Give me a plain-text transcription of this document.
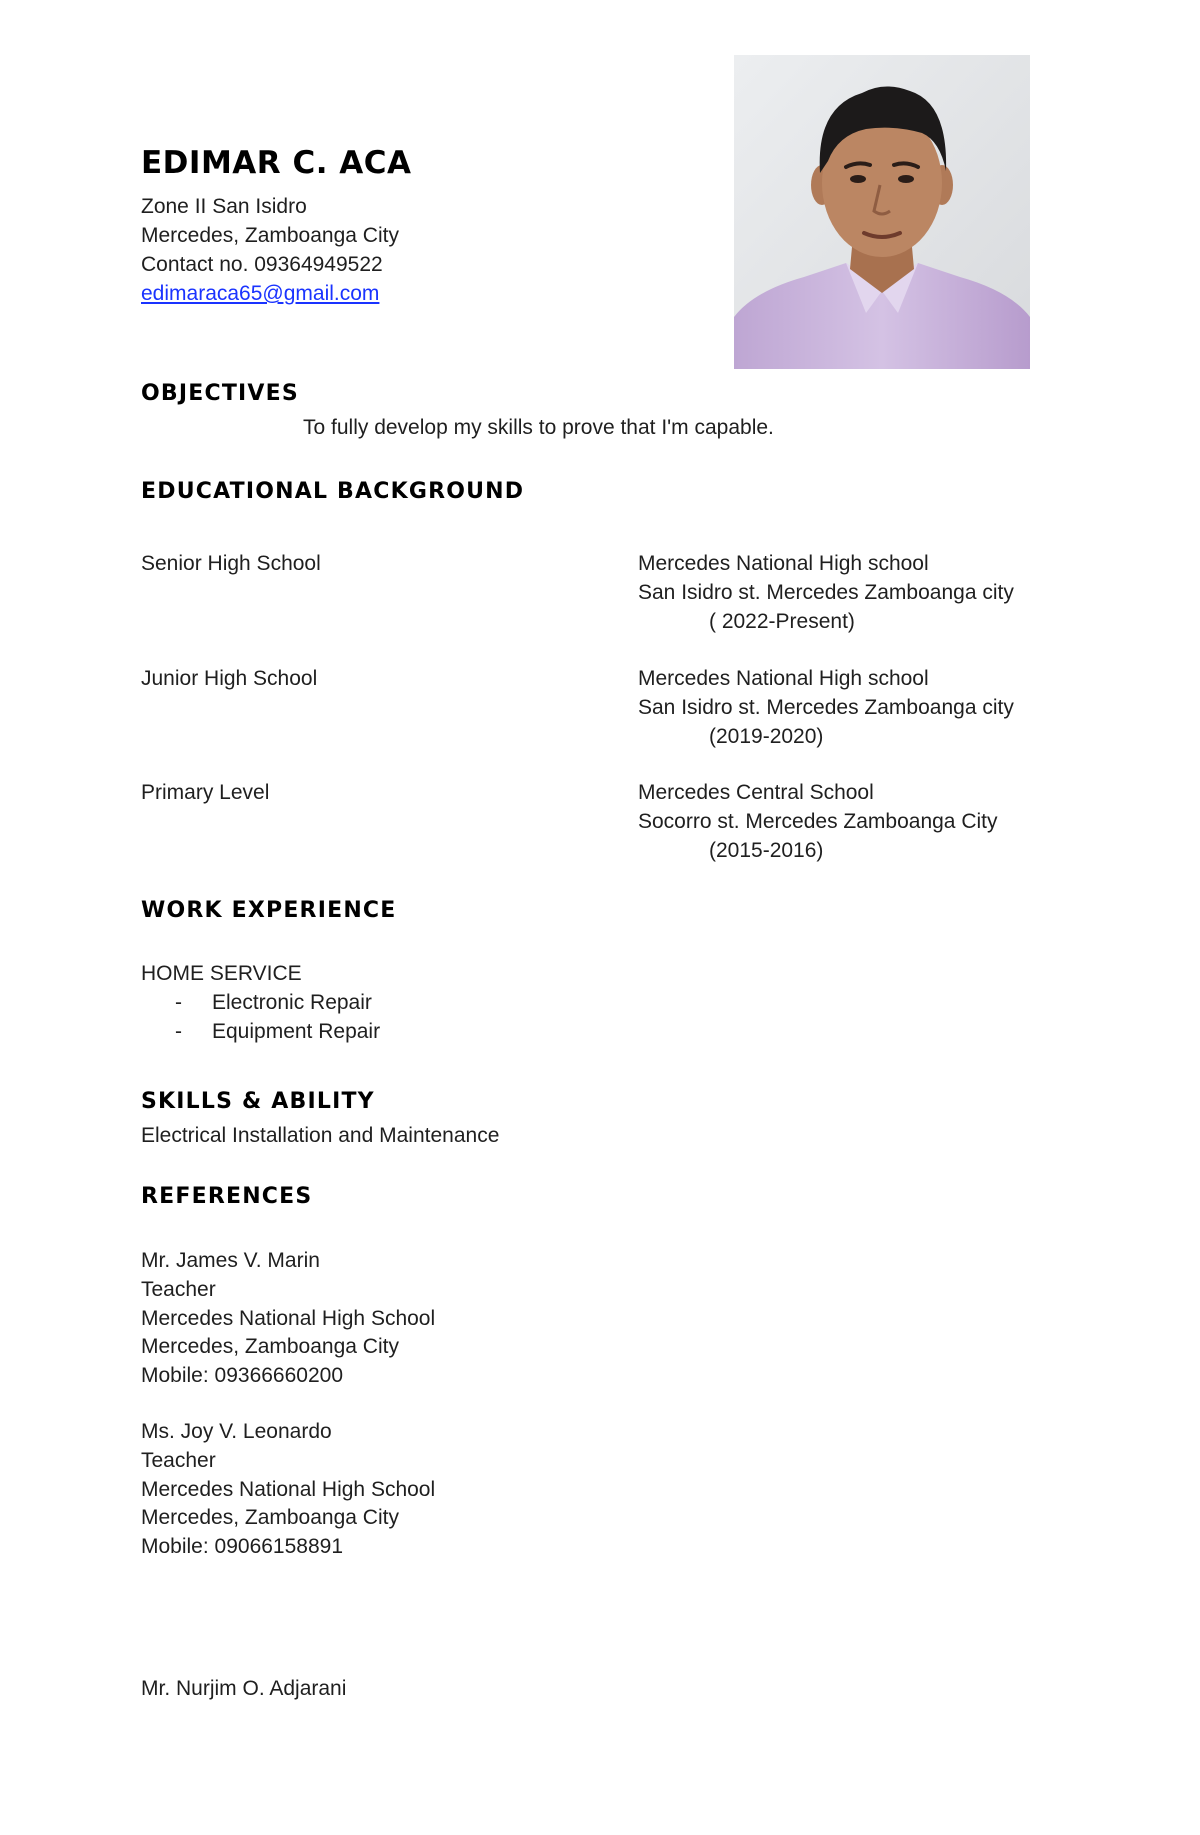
EDIMAR C. ACA
Zone II San Isidro
Mercedes, Zamboanga City
Contact no. 09364949522
edimaraca65@gmail.com
OBJECTIVES
To fully develop my skills to prove that I'm capable.
EDUCATIONAL BACKGROUND
Senior High School	Mercedes National High school
San Isidro st. Mercedes Zamboanga city
( 2022-Present)
Junior High School	Mercedes National High school
San Isidro st. Mercedes Zamboanga city
(2019-2020)
Primary Level	Mercedes Central School
Socorro st. Mercedes Zamboanga City
(2015-2016)
WORK EXPERIENCE
HOME SERVICE
- Electronic Repair
- Equipment Repair
SKILLS & ABILITY
Electrical Installation and Maintenance
REFERENCES
Mr. James V. Marin
Teacher
Mercedes National High School
Mercedes, Zamboanga City
Mobile: 09366660200
Ms. Joy V. Leonardo
Teacher
Mercedes National High School
Mercedes, Zamboanga City
Mobile: 09066158891
Mr. Nurjim O. Adjarani
